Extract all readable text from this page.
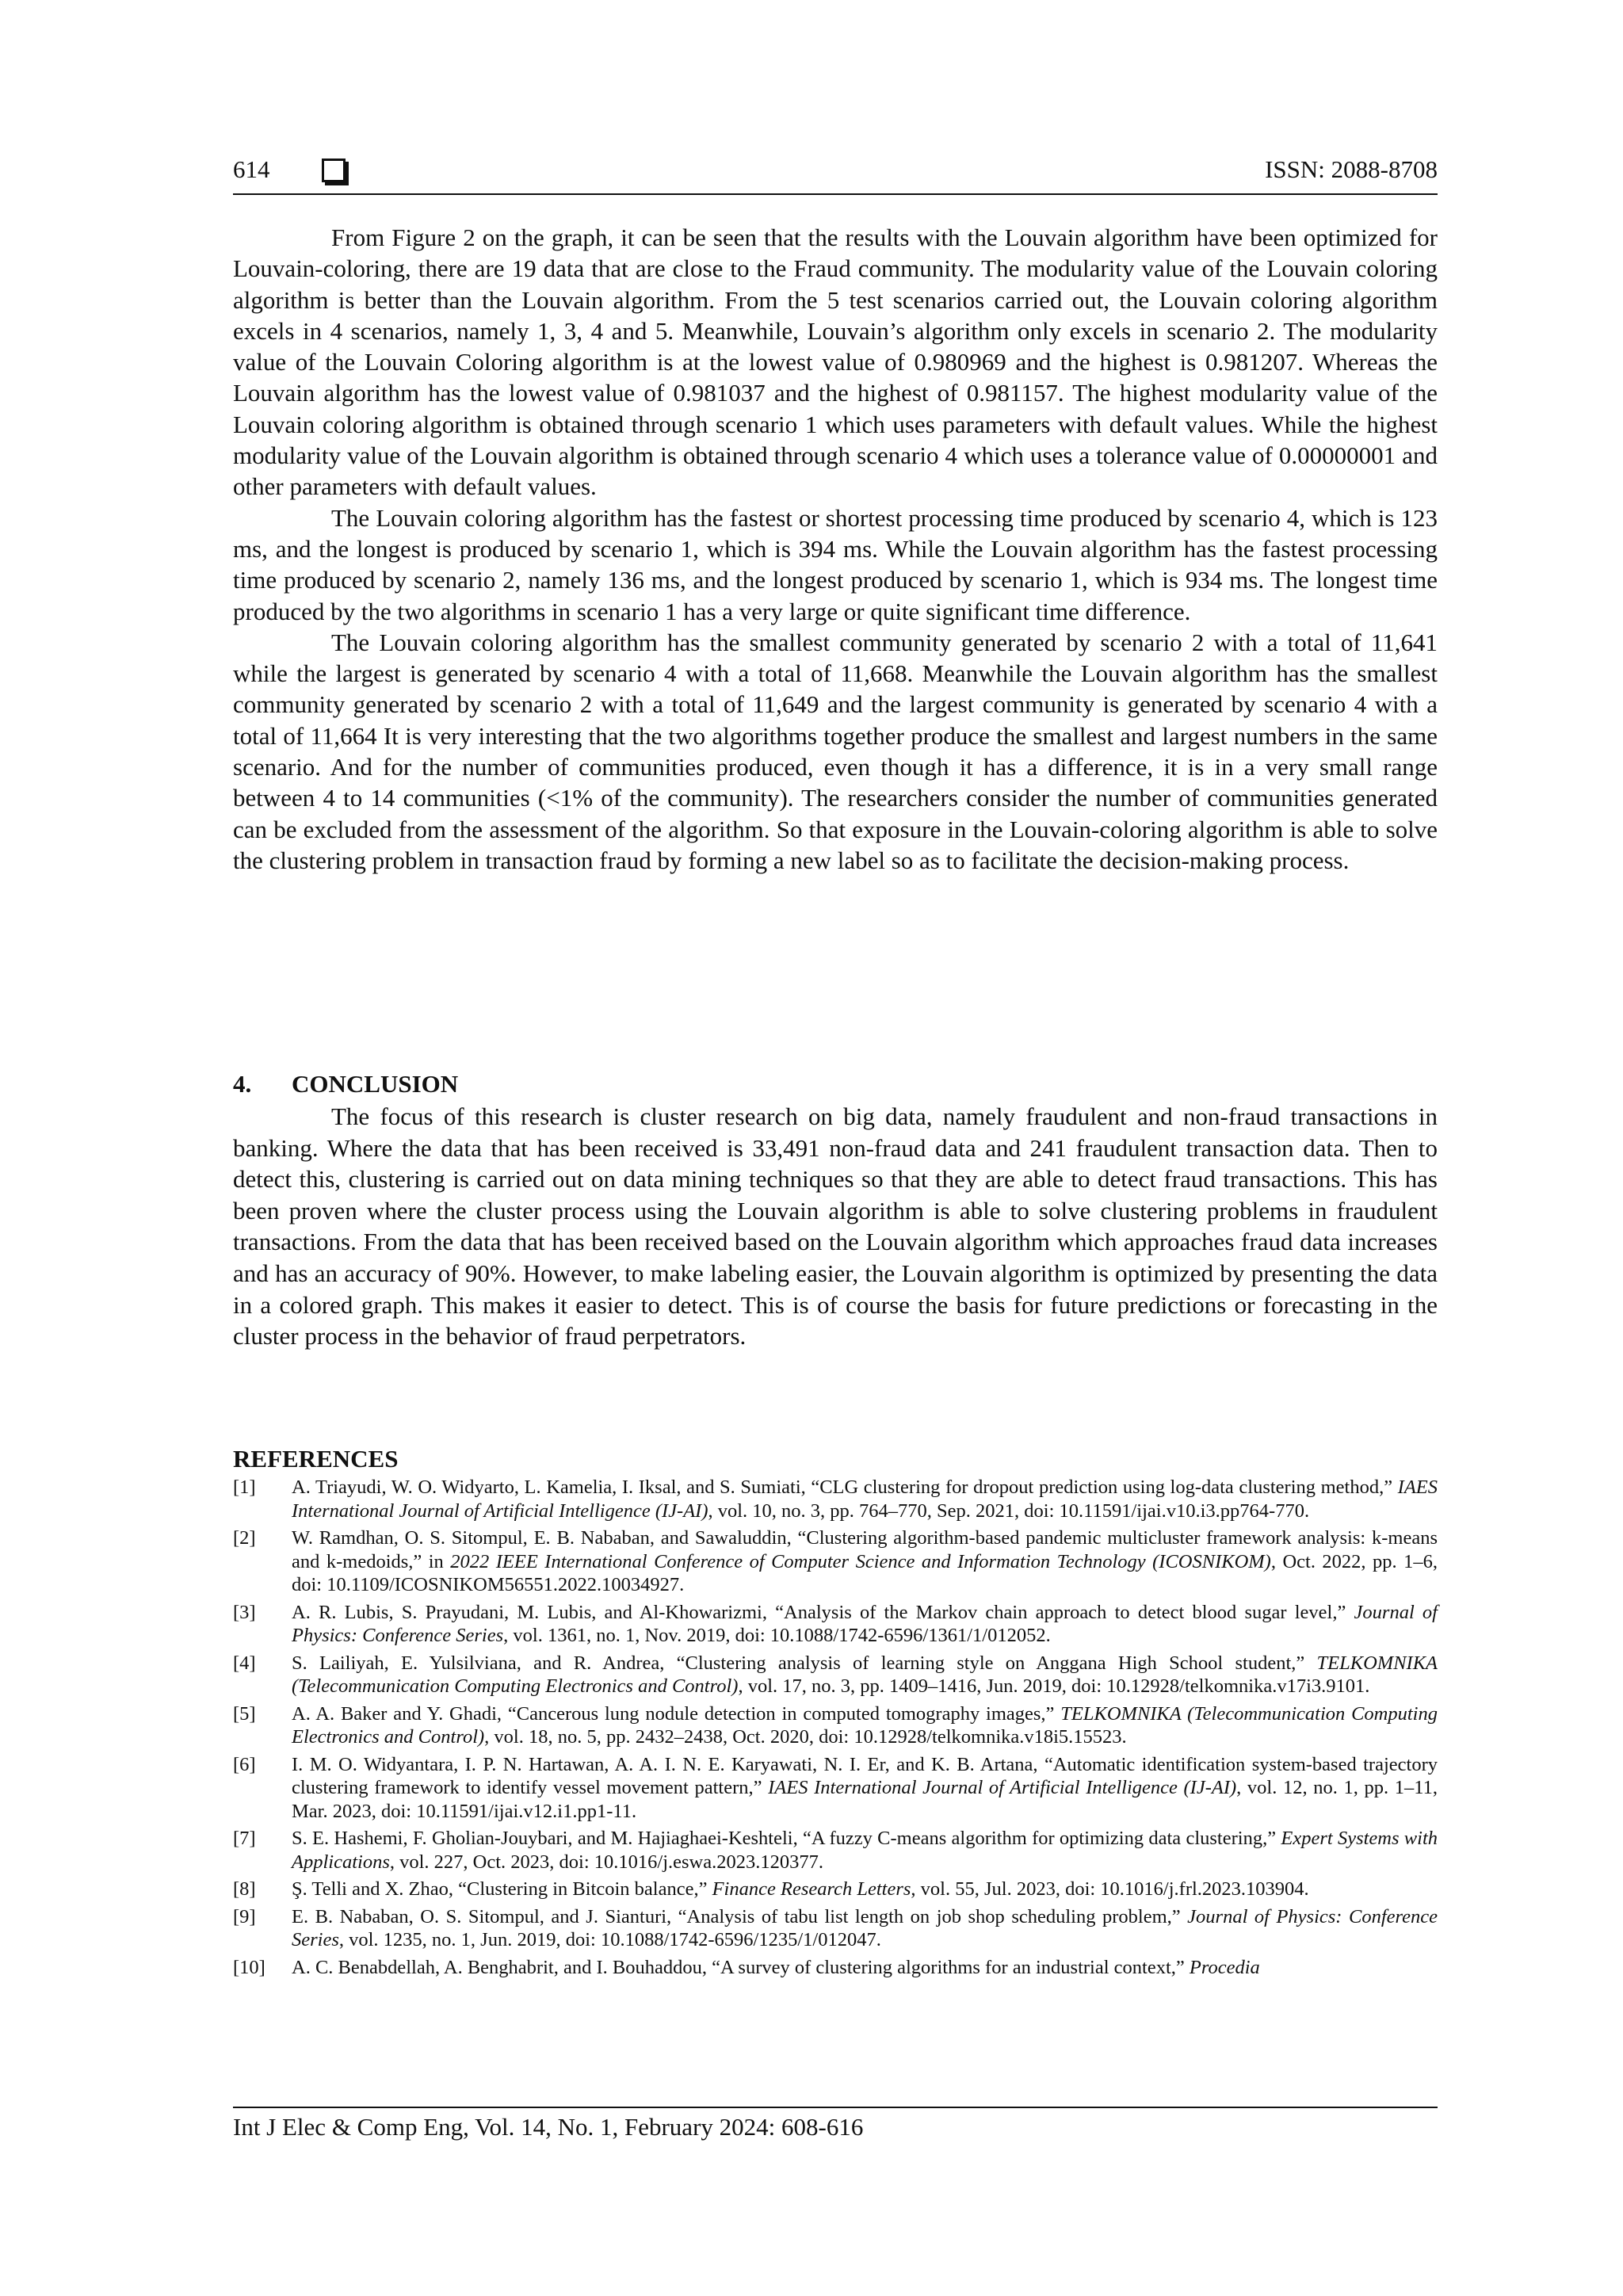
614	ISSN: 2088-8708

From Figure 2 on the graph, it can be seen that the results with the Louvain algorithm have been optimized for Louvain-coloring, there are 19 data that are close to the Fraud community. The modularity value of the Louvain coloring algorithm is better than the Louvain algorithm. From the 5 test scenarios carried out, the Louvain coloring algorithm excels in 4 scenarios, namely 1, 3, 4 and 5. Meanwhile, Louvain’s algorithm only excels in scenario 2. The modularity value of the Louvain Coloring algorithm is at the lowest value of 0.980969 and the highest is 0.981207. Whereas the Louvain algorithm has the lowest value of 0.981037 and the highest of 0.981157. The highest modularity value of the Louvain coloring algorithm is obtained through scenario 1 which uses parameters with default values. While the highest modularity value of the Louvain algorithm is obtained through scenario 4 which uses a tolerance value of 0.00000001 and other parameters with default values.

The Louvain coloring algorithm has the fastest or shortest processing time produced by scenario 4, which is 123 ms, and the longest is produced by scenario 1, which is 394 ms. While the Louvain algorithm has the fastest processing time produced by scenario 2, namely 136 ms, and the longest produced by scenario 1, which is 934 ms. The longest time produced by the two algorithms in scenario 1 has a very large or quite significant time difference.

The Louvain coloring algorithm has the smallest community generated by scenario 2 with a total of 11,641 while the largest is generated by scenario 4 with a total of 11,668. Meanwhile the Louvain algorithm has the smallest community generated by scenario 2 with a total of 11,649 and the largest community is generated by scenario 4 with a total of 11,664 It is very interesting that the two algorithms together produce the smallest and largest numbers in the same scenario. And for the number of communities produced, even though it has a difference, it is in a very small range between 4 to 14 communities (<1% of the community). The researchers consider the number of communities generated can be excluded from the assessment of the algorithm. So that exposure in the Louvain-coloring algorithm is able to solve the clustering problem in transaction fraud by forming a new label so as to facilitate the decision-making process.

4. CONCLUSION

The focus of this research is cluster research on big data, namely fraudulent and non-fraud transactions in banking. Where the data that has been received is 33,491 non-fraud data and 241 fraudulent transaction data. Then to detect this, clustering is carried out on data mining techniques so that they are able to detect fraud transactions. This has been proven where the cluster process using the Louvain algorithm is able to solve clustering problems in fraudulent transactions. From the data that has been received based on the Louvain algorithm which approaches fraud data increases and has an accuracy of 90%. However, to make labeling easier, the Louvain algorithm is optimized by presenting the data in a colored graph. This makes it easier to detect. This is of course the basis for future predictions or forecasting in the cluster process in the behavior of fraud perpetrators.

REFERENCES
[1]	A. Triayudi, W. O. Widyarto, L. Kamelia, I. Iksal, and S. Sumiati, “CLG clustering for dropout prediction using log-data clustering method,” IAES International Journal of Artificial Intelligence (IJ-AI), vol. 10, no. 3, pp. 764–770, Sep. 2021, doi: 10.11591/ijai.v10.i3.pp764-770.
[2]	W. Ramdhan, O. S. Sitompul, E. B. Nababan, and Sawaluddin, “Clustering algorithm-based pandemic multicluster framework analysis: k-means and k-medoids,” in 2022 IEEE International Conference of Computer Science and Information Technology (ICOSNIKOM), Oct. 2022, pp. 1–6, doi: 10.1109/ICOSNIKOM56551.2022.10034927.
[3]	A. R. Lubis, S. Prayudani, M. Lubis, and Al-Khowarizmi, “Analysis of the Markov chain approach to detect blood sugar level,” Journal of Physics: Conference Series, vol. 1361, no. 1, Nov. 2019, doi: 10.1088/1742-6596/1361/1/012052.
[4]	S. Lailiyah, E. Yulsilviana, and R. Andrea, “Clustering analysis of learning style on Anggana High School student,” TELKOMNIKA (Telecommunication Computing Electronics and Control), vol. 17, no. 3, pp. 1409–1416, Jun. 2019, doi: 10.12928/telkomnika.v17i3.9101.
[5]	A. A. Baker and Y. Ghadi, “Cancerous lung nodule detection in computed tomography images,” TELKOMNIKA (Telecommunication Computing Electronics and Control), vol. 18, no. 5, pp. 2432–2438, Oct. 2020, doi: 10.12928/telkomnika.v18i5.15523.
[6]	I. M. O. Widyantara, I. P. N. Hartawan, A. A. I. N. E. Karyawati, N. I. Er, and K. B. Artana, “Automatic identification system-based trajectory clustering framework to identify vessel movement pattern,” IAES International Journal of Artificial Intelligence (IJ-AI), vol. 12, no. 1, pp. 1–11, Mar. 2023, doi: 10.11591/ijai.v12.i1.pp1-11.
[7]	S. E. Hashemi, F. Gholian-Jouybari, and M. Hajiaghaei-Keshteli, “A fuzzy C-means algorithm for optimizing data clustering,” Expert Systems with Applications, vol. 227, Oct. 2023, doi: 10.1016/j.eswa.2023.120377.
[8]	Ş. Telli and X. Zhao, “Clustering in Bitcoin balance,” Finance Research Letters, vol. 55, Jul. 2023, doi: 10.1016/j.frl.2023.103904.
[9]	E. B. Nababan, O. S. Sitompul, and J. Sianturi, “Analysis of tabu list length on job shop scheduling problem,” Journal of Physics: Conference Series, vol. 1235, no. 1, Jun. 2019, doi: 10.1088/1742-6596/1235/1/012047.
[10]	A. C. Benabdellah, A. Benghabrit, and I. Bouhaddou, “A survey of clustering algorithms for an industrial context,” Procedia
Int J Elec & Comp Eng, Vol. 14, No. 1, February 2024: 608-616
